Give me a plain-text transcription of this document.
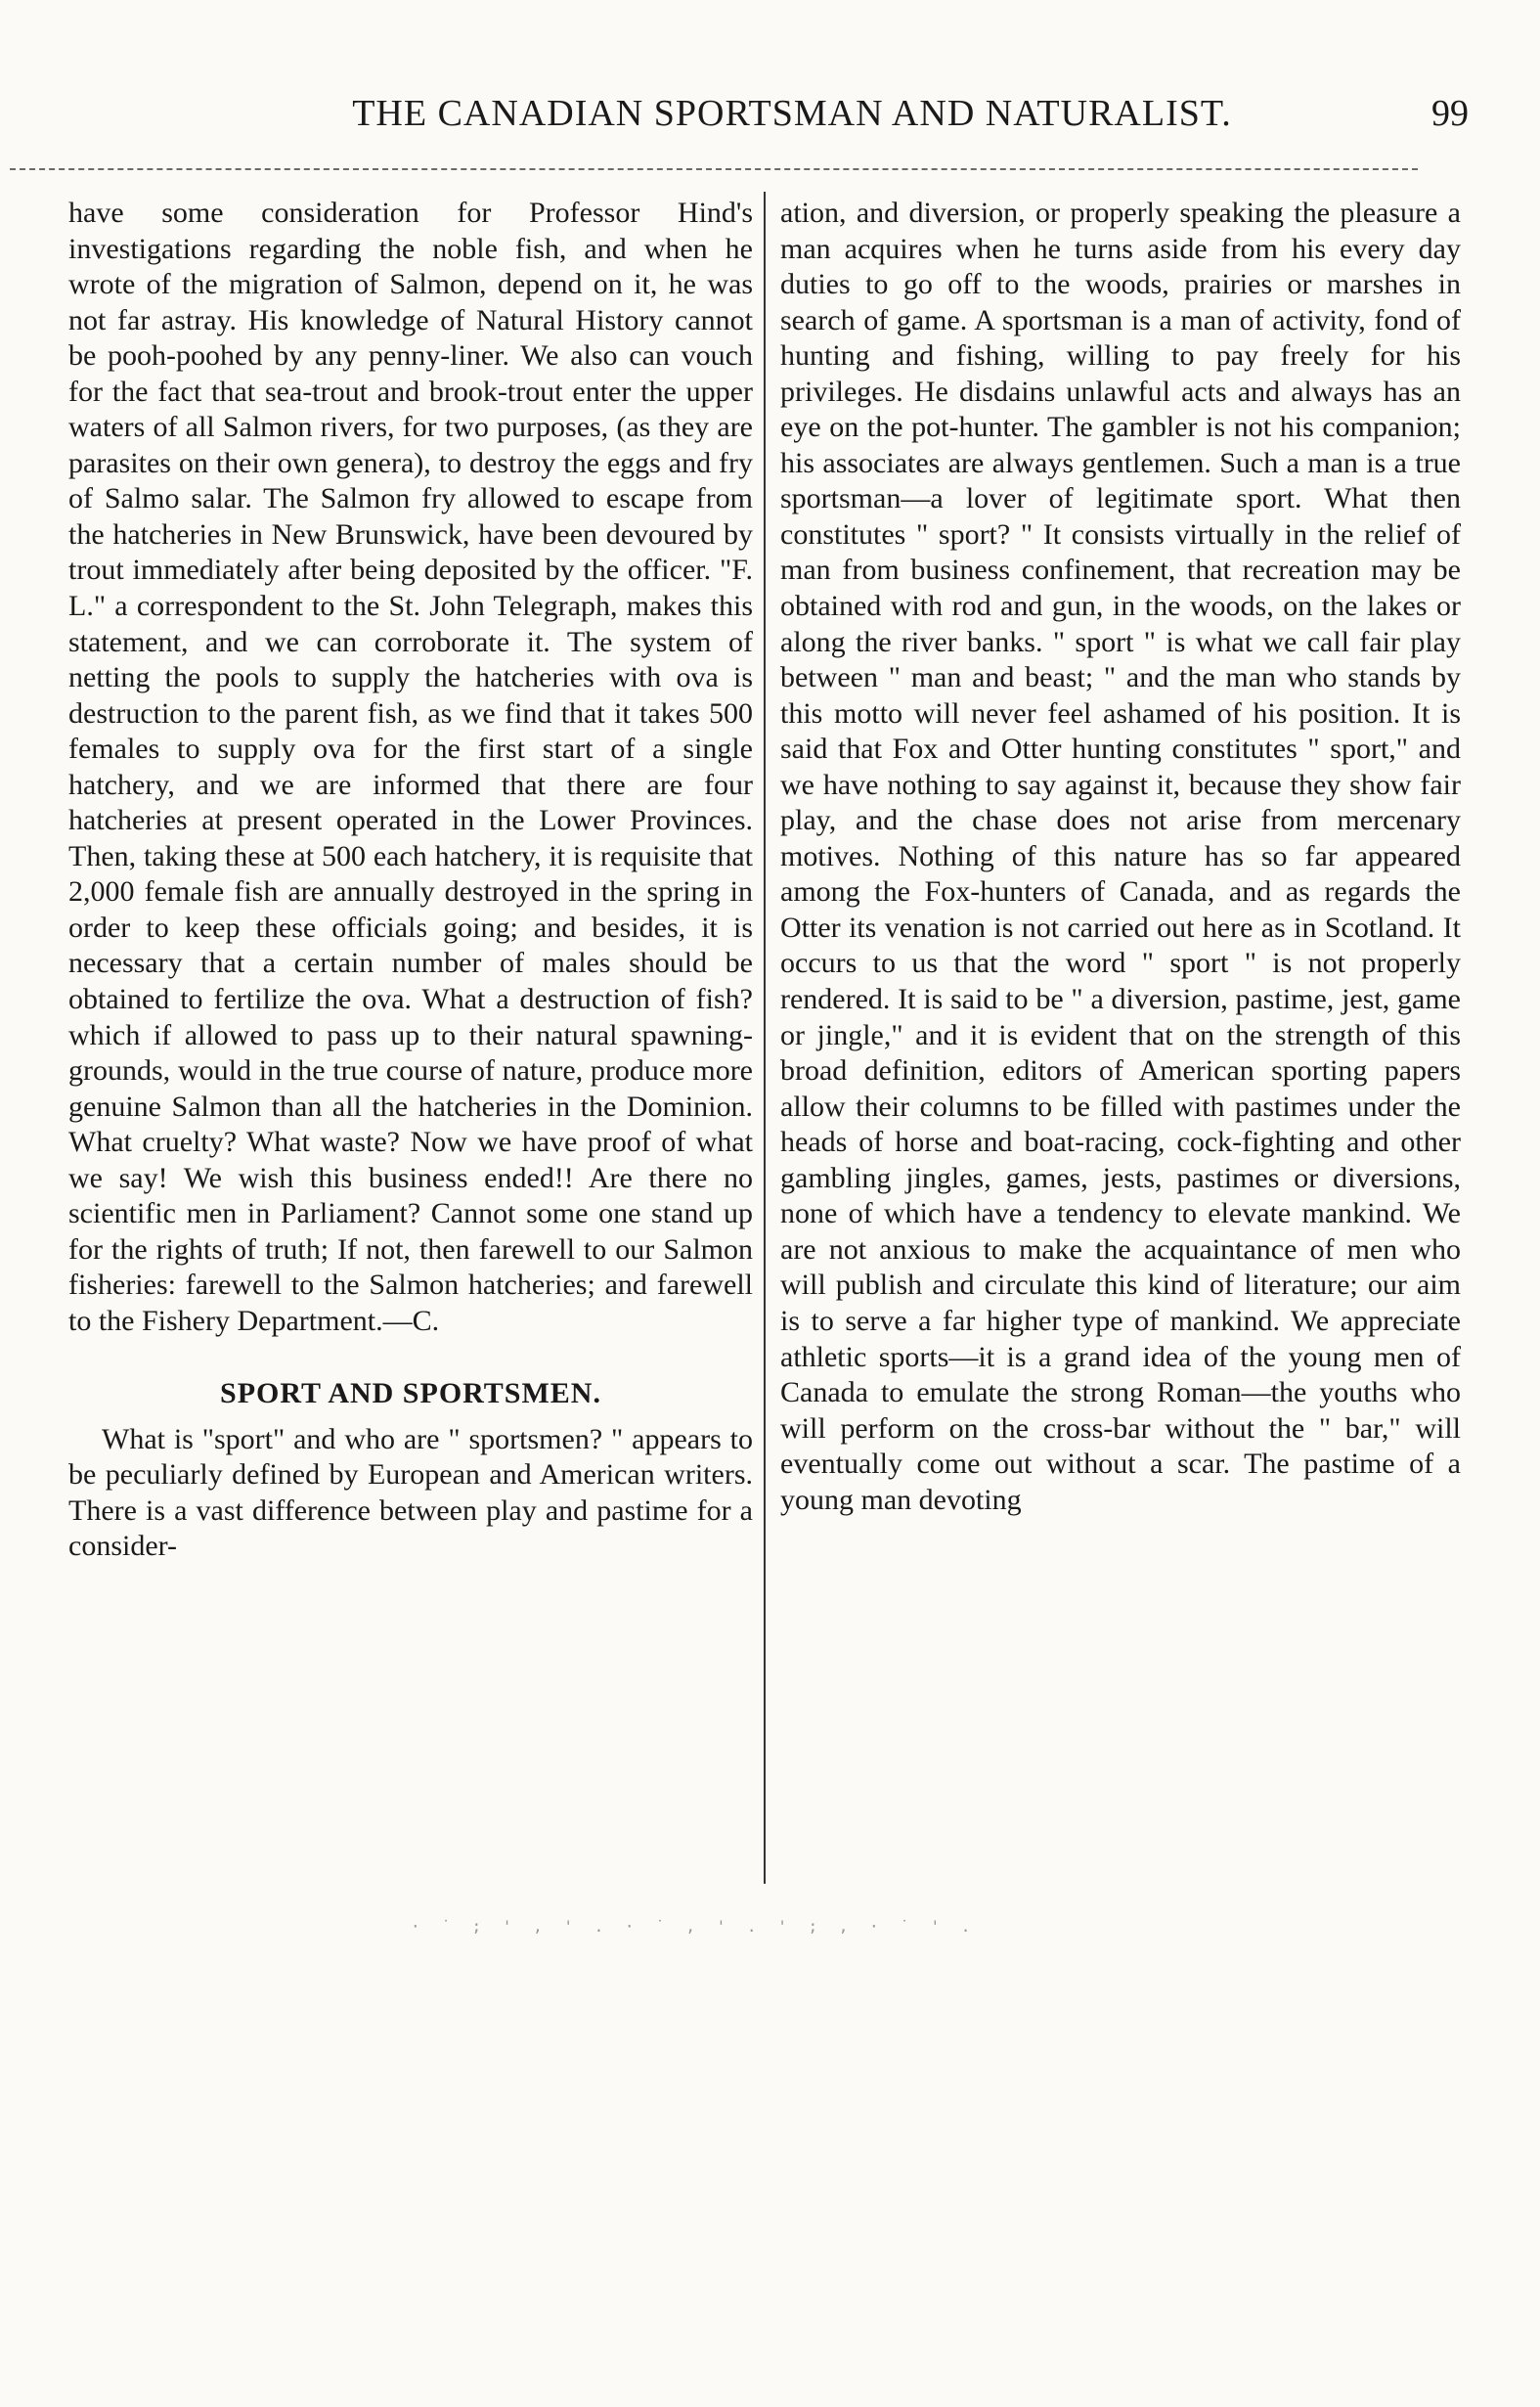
THE CANADIAN SPORTSMAN AND NATURALIST.	99

have some consideration for Professor Hind's investigations regarding the noble fish, and when he wrote of the migration of Salmon, depend on it, he was not far astray. His knowledge of Natural History cannot be pooh-poohed by any penny-liner. We also can vouch for the fact that sea-trout and brook-trout enter the upper waters of all Salmon rivers, for two purposes, (as they are parasites on their own genera), to destroy the eggs and fry of Salmo salar. The Salmon fry allowed to escape from the hatcheries in New Brunswick, have been devoured by trout immediately after being deposited by the officer. "F. L." a correspondent to the St. John Telegraph, makes this statement, and we can corroborate it. The system of netting the pools to supply the hatcheries with ova is destruction to the parent fish, as we find that it takes 500 females to supply ova for the first start of a single hatchery, and we are informed that there are four hatcheries at present operated in the Lower Provinces. Then, taking these at 500 each hatchery, it is requisite that 2,000 female fish are annually destroyed in the spring in order to keep these officials going; and besides, it is necessary that a certain number of males should be obtained to fertilize the ova. What a destruction of fish? which if allowed to pass up to their natural spawning-grounds, would in the true course of nature, produce more genuine Salmon than all the hatcheries in the Dominion. What cruelty? What waste? Now we have proof of what we say! We wish this business ended!! Are there no scientific men in Parliament? Cannot some one stand up for the rights of truth; If not, then farewell to our Salmon fisheries: farewell to the Salmon hatcheries; and farewell to the Fishery Department.—C.

SPORT AND SPORTSMEN.

What is "sport" and who are " sportsmen? " appears to be peculiarly defined by European and American writers. There is a vast difference between play and pastime for a consider-

ation, and diversion, or properly speaking the pleasure a man acquires when he turns aside from his every day duties to go off to the woods, prairies or marshes in search of game. A sportsman is a man of activity, fond of hunting and fishing, willing to pay freely for his privileges. He disdains unlawful acts and always has an eye on the pot-hunter. The gambler is not his companion; his associates are always gentlemen. Such a man is a true sportsman—a lover of legitimate sport. What then constitutes " sport? " It consists virtually in the relief of man from business confinement, that recreation may be obtained with rod and gun, in the woods, on the lakes or along the river banks. " sport " is what we call fair play between " man and beast; " and the man who stands by this motto will never feel ashamed of his position. It is said that Fox and Otter hunting constitutes " sport," and we have nothing to say against it, because they show fair play, and the chase does not arise from mercenary motives. Nothing of this nature has so far appeared among the Fox-hunters of Canada, and as regards the Otter its venation is not carried out here as in Scotland. It occurs to us that the word " sport " is not properly rendered. It is said to be " a diversion, pastime, jest, game or jingle," and it is evident that on the strength of this broad definition, editors of American sporting papers allow their columns to be filled with pastimes under the heads of horse and boat-racing, cock-fighting and other gambling jingles, games, jests, pastimes or diversions, none of which have a tendency to elevate mankind. We are not anxious to make the acquaintance of men who will publish and circulate this kind of literature; our aim is to serve a far higher type of mankind. We appreciate athletic sports—it is a grand idea of the young men of Canada to emulate the strong Roman—the youths who will perform on the cross-bar without the " bar," will eventually come out without a scar. The pastime of a young man devoting

· ˙ ; ' , ' . · ˙ , ' . ' ; , · ˙ ' .
